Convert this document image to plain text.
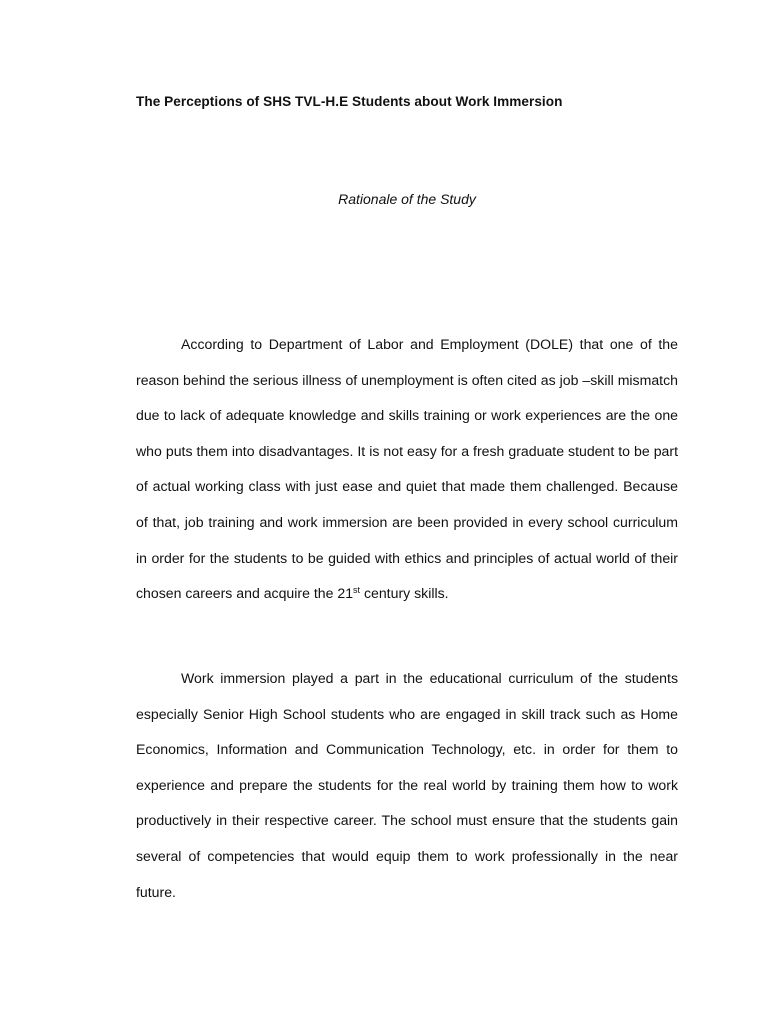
The Perceptions of SHS TVL-H.E Students about Work Immersion
Rationale of the Study

According to Department of Labor and Employment (DOLE) that one of the reason behind the serious illness of unemployment is often cited as job –skill mismatch due to lack of adequate knowledge and skills training or work experiences are the one who puts them into disadvantages. It is not easy for a fresh graduate student to be part of actual working class with just ease and quiet that made them challenged. Because of that, job training and work immersion are been provided in every school curriculum in order for the students to be guided with ethics and principles of actual world of their chosen careers and acquire the 21st century skills.

Work immersion played a part in the educational curriculum of the students especially Senior High School students who are engaged in skill track such as Home Economics, Information and Communication Technology, etc. in order for them to experience and prepare the students for the real world by training them how to work productively in their respective career. The school must ensure that the students gain several of competencies that would equip them to work professionally in the near future.
